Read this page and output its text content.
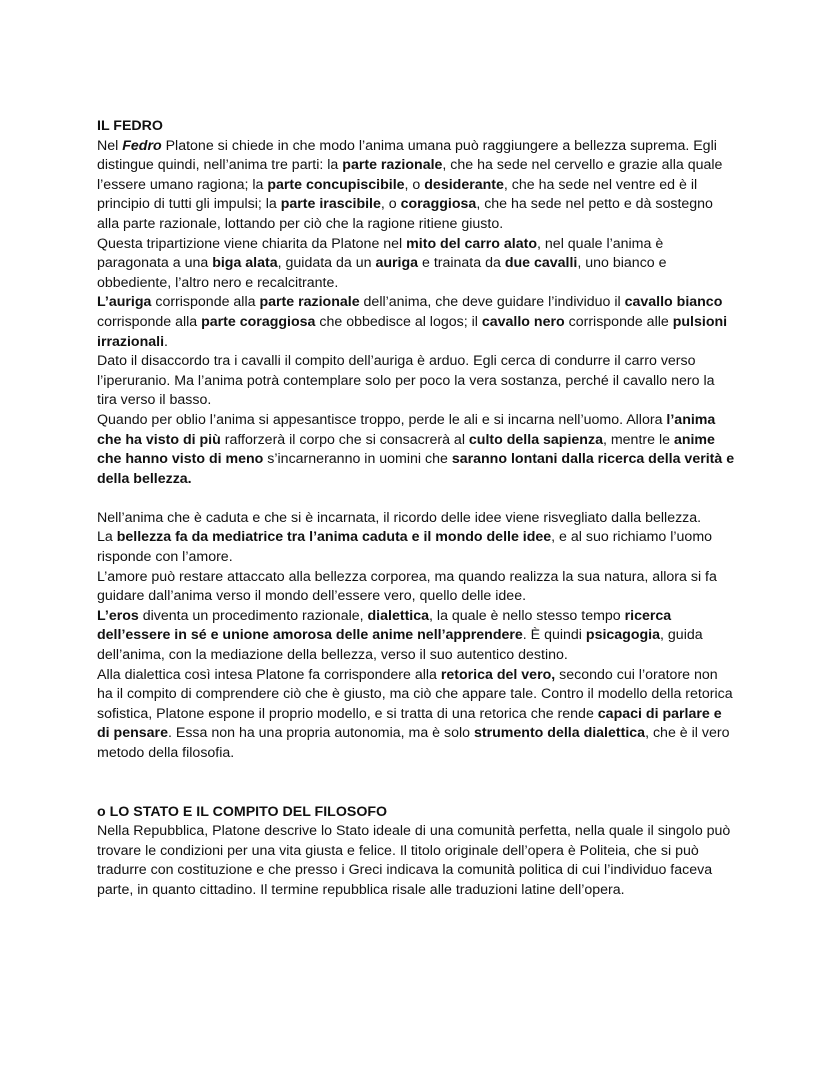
IL FEDRO

Nel Fedro Platone si chiede in che modo l’anima umana può raggiungere a bellezza suprema. Egli distingue quindi, nell’anima tre parti: la parte razionale, che ha sede nel cervello e grazie alla quale l’essere umano ragiona; la parte concupiscibile, o desiderante, che ha sede nel ventre ed è il principio di tutti gli impulsi; la parte irascibile, o coraggiosa, che ha sede nel petto e dà sostegno alla parte razionale, lottando per ciò che la ragione ritiene giusto.

Questa tripartizione viene chiarita da Platone nel mito del carro alato, nel quale l’anima è paragonata a una biga alata, guidata da un auriga e trainata da due cavalli, uno bianco e obbediente, l’altro nero e recalcitrante.

L’auriga corrisponde alla parte razionale dell’anima, che deve guidare l’individuo il cavallo bianco corrisponde alla parte coraggiosa che obbedisce al logos; il cavallo nero corrisponde alle pulsioni irrazionali.

Dato il disaccordo tra i cavalli il compito dell’auriga è arduo. Egli cerca di condurre il carro verso l’iperuranio. Ma l’anima potrà contemplare solo per poco la vera sostanza, perché il cavallo nero la tira verso il basso.

Quando per oblio l’anima si appesantisce troppo, perde le ali e si incarna nell’uomo. Allora l’anima che ha visto di più rafforzerà il corpo che si consacrerà al culto della sapienza, mentre le anime che hanno visto di meno s’incarneranno in uomini che saranno lontani dalla ricerca della verità e della bellezza.

Nell’anima che è caduta e che si è incarnata, il ricordo delle idee viene risvegliato dalla bellezza.

La bellezza fa da mediatrice tra l’anima caduta e il mondo delle idee, e al suo richiamo l’uomo risponde con l’amore.

L’amore può restare attaccato alla bellezza corporea, ma quando realizza la sua natura, allora si fa guidare dall’anima verso il mondo dell’essere vero, quello delle idee.

L’eros diventa un procedimento razionale, dialettica, la quale è nello stesso tempo ricerca dell’essere in sé e unione amorosa delle anime nell’apprendere. È quindi psicagogia, guida dell’anima, con la mediazione della bellezza, verso il suo autentico destino.

Alla dialettica così intesa Platone fa corrispondere alla retorica del vero, secondo cui l’oratore non ha il compito di comprendere ciò che è giusto, ma ciò che appare tale. Contro il modello della retorica sofistica, Platone espone il proprio modello, e si tratta di una retorica che rende capaci di parlare e di pensare. Essa non ha una propria autonomia, ma è solo strumento della dialettica, che è il vero metodo della filosofia.

o LO STATO E IL COMPITO DEL FILOSOFO

Nella Repubblica, Platone descrive lo Stato ideale di una comunità perfetta, nella quale il singolo può trovare le condizioni per una vita giusta e felice. Il titolo originale dell’opera è Politeia, che si può tradurre con costituzione e che presso i Greci indicava la comunità politica di cui l’individuo faceva parte, in quanto cittadino. Il termine repubblica risale alle traduzioni latine dell’opera.
